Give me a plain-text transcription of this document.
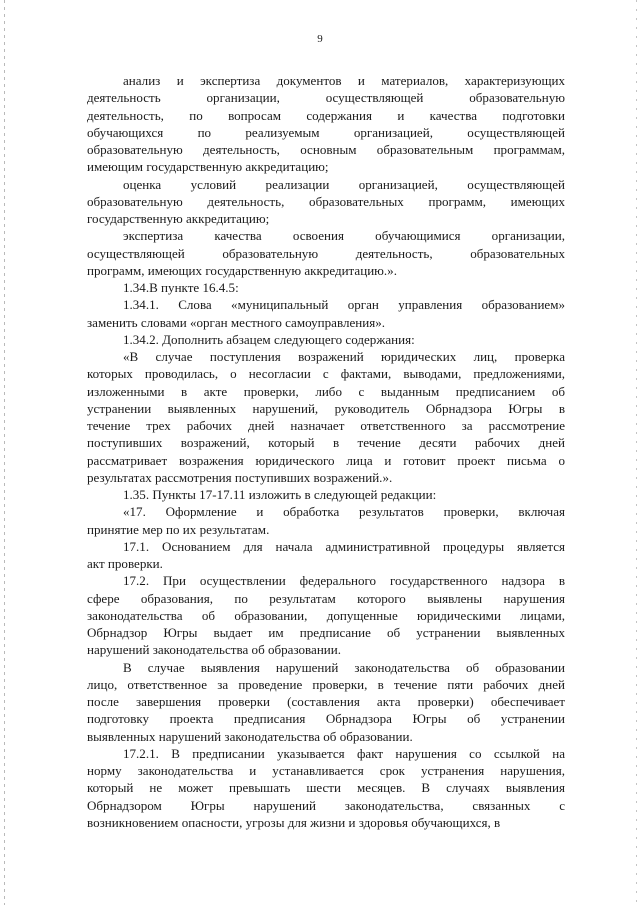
9
анализ и экспертиза документов и материалов, характеризующих
деятельность организации, осуществляющей образовательную
деятельность, по вопросам содержания и качества подготовки
обучающихся по реализуемым организацией, осуществляющей
образовательную деятельность, основным образовательным программам,
имеющим государственную аккредитацию;
оценка условий реализации организацией, осуществляющей
образовательную деятельность, образовательных программ, имеющих
государственную аккредитацию;
экспертиза качества освоения обучающимися организации,
осуществляющей образовательную деятельность, образовательных
программ, имеющих государственную аккредитацию.».
1.34.В пункте 16.4.5:
1.34.1. Слова «муниципальный орган управления образованием»
заменить словами «орган местного самоуправления».
1.34.2. Дополнить абзацем следующего содержания:
«В случае поступления возражений юридических лиц, проверка
которых проводилась, о несогласии с фактами, выводами, предложениями,
изложенными в акте проверки, либо с выданным предписанием об
устранении выявленных нарушений, руководитель Обрнадзора Югры в
течение трех рабочих дней назначает ответственного за рассмотрение
поступивших возражений, который в течение десяти рабочих дней
рассматривает возражения юридического лица и готовит проект письма о
результатах рассмотрения поступивших возражений.».
1.35. Пункты 17-17.11 изложить в следующей редакции:
«17. Оформление и обработка результатов проверки, включая
принятие мер по их результатам.
17.1. Основанием для начала административной процедуры является
акт проверки.
17.2. При осуществлении федерального государственного надзора в
сфере образования, по результатам которого выявлены нарушения
законодательства об образовании, допущенные юридическими лицами,
Обрнадзор Югры выдает им предписание об устранении выявленных
нарушений законодательства об образовании.
В случае выявления нарушений законодательства об образовании
лицо, ответственное за проведение проверки, в течение пяти рабочих дней
после завершения проверки (составления акта проверки) обеспечивает
подготовку проекта предписания Обрнадзора Югры об устранении
выявленных нарушений законодательства об образовании.
17.2.1. В предписании указывается факт нарушения со ссылкой на
норму законодательства и устанавливается срок устранения нарушения,
который не может превышать шести месяцев. В случаях выявления
Обрнадзором Югры нарушений законодательства, связанных с
возникновением опасности, угрозы для жизни и здоровья обучающихся, в
